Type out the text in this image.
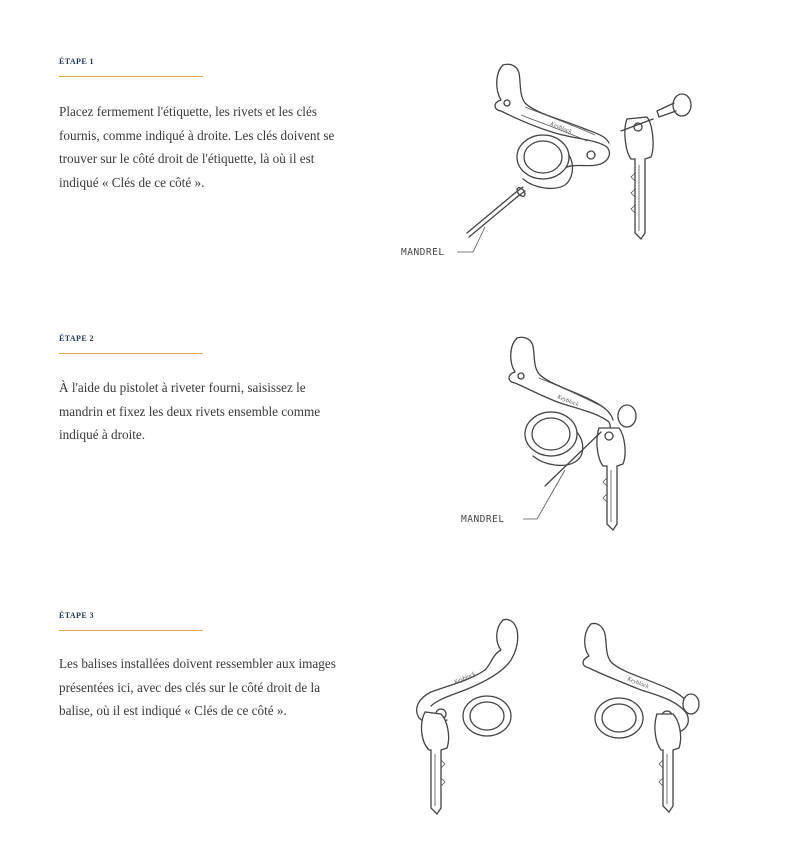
ÉTAPE 1
Placez fermement l'étiquette, les rivets et les clés fournis, comme indiqué à droite. Les clés doivent se trouver sur le côté droit de l'étiquette, là où il est indiqué « Clés de ce côté ».
Keyblock
MANDREL
ÉTAPE 2
À l'aide du pistolet à riveter fourni, saisissez le mandrin et fixez les deux rivets ensemble comme indiqué à droite.
Keyblock
MANDREL
ÉTAPE 3
Les balises installées doivent ressembler aux images présentées ici, avec des clés sur le côté droit de la balise, où il est indiqué « Clés de ce côté ».
Keyblock	Keyblock
